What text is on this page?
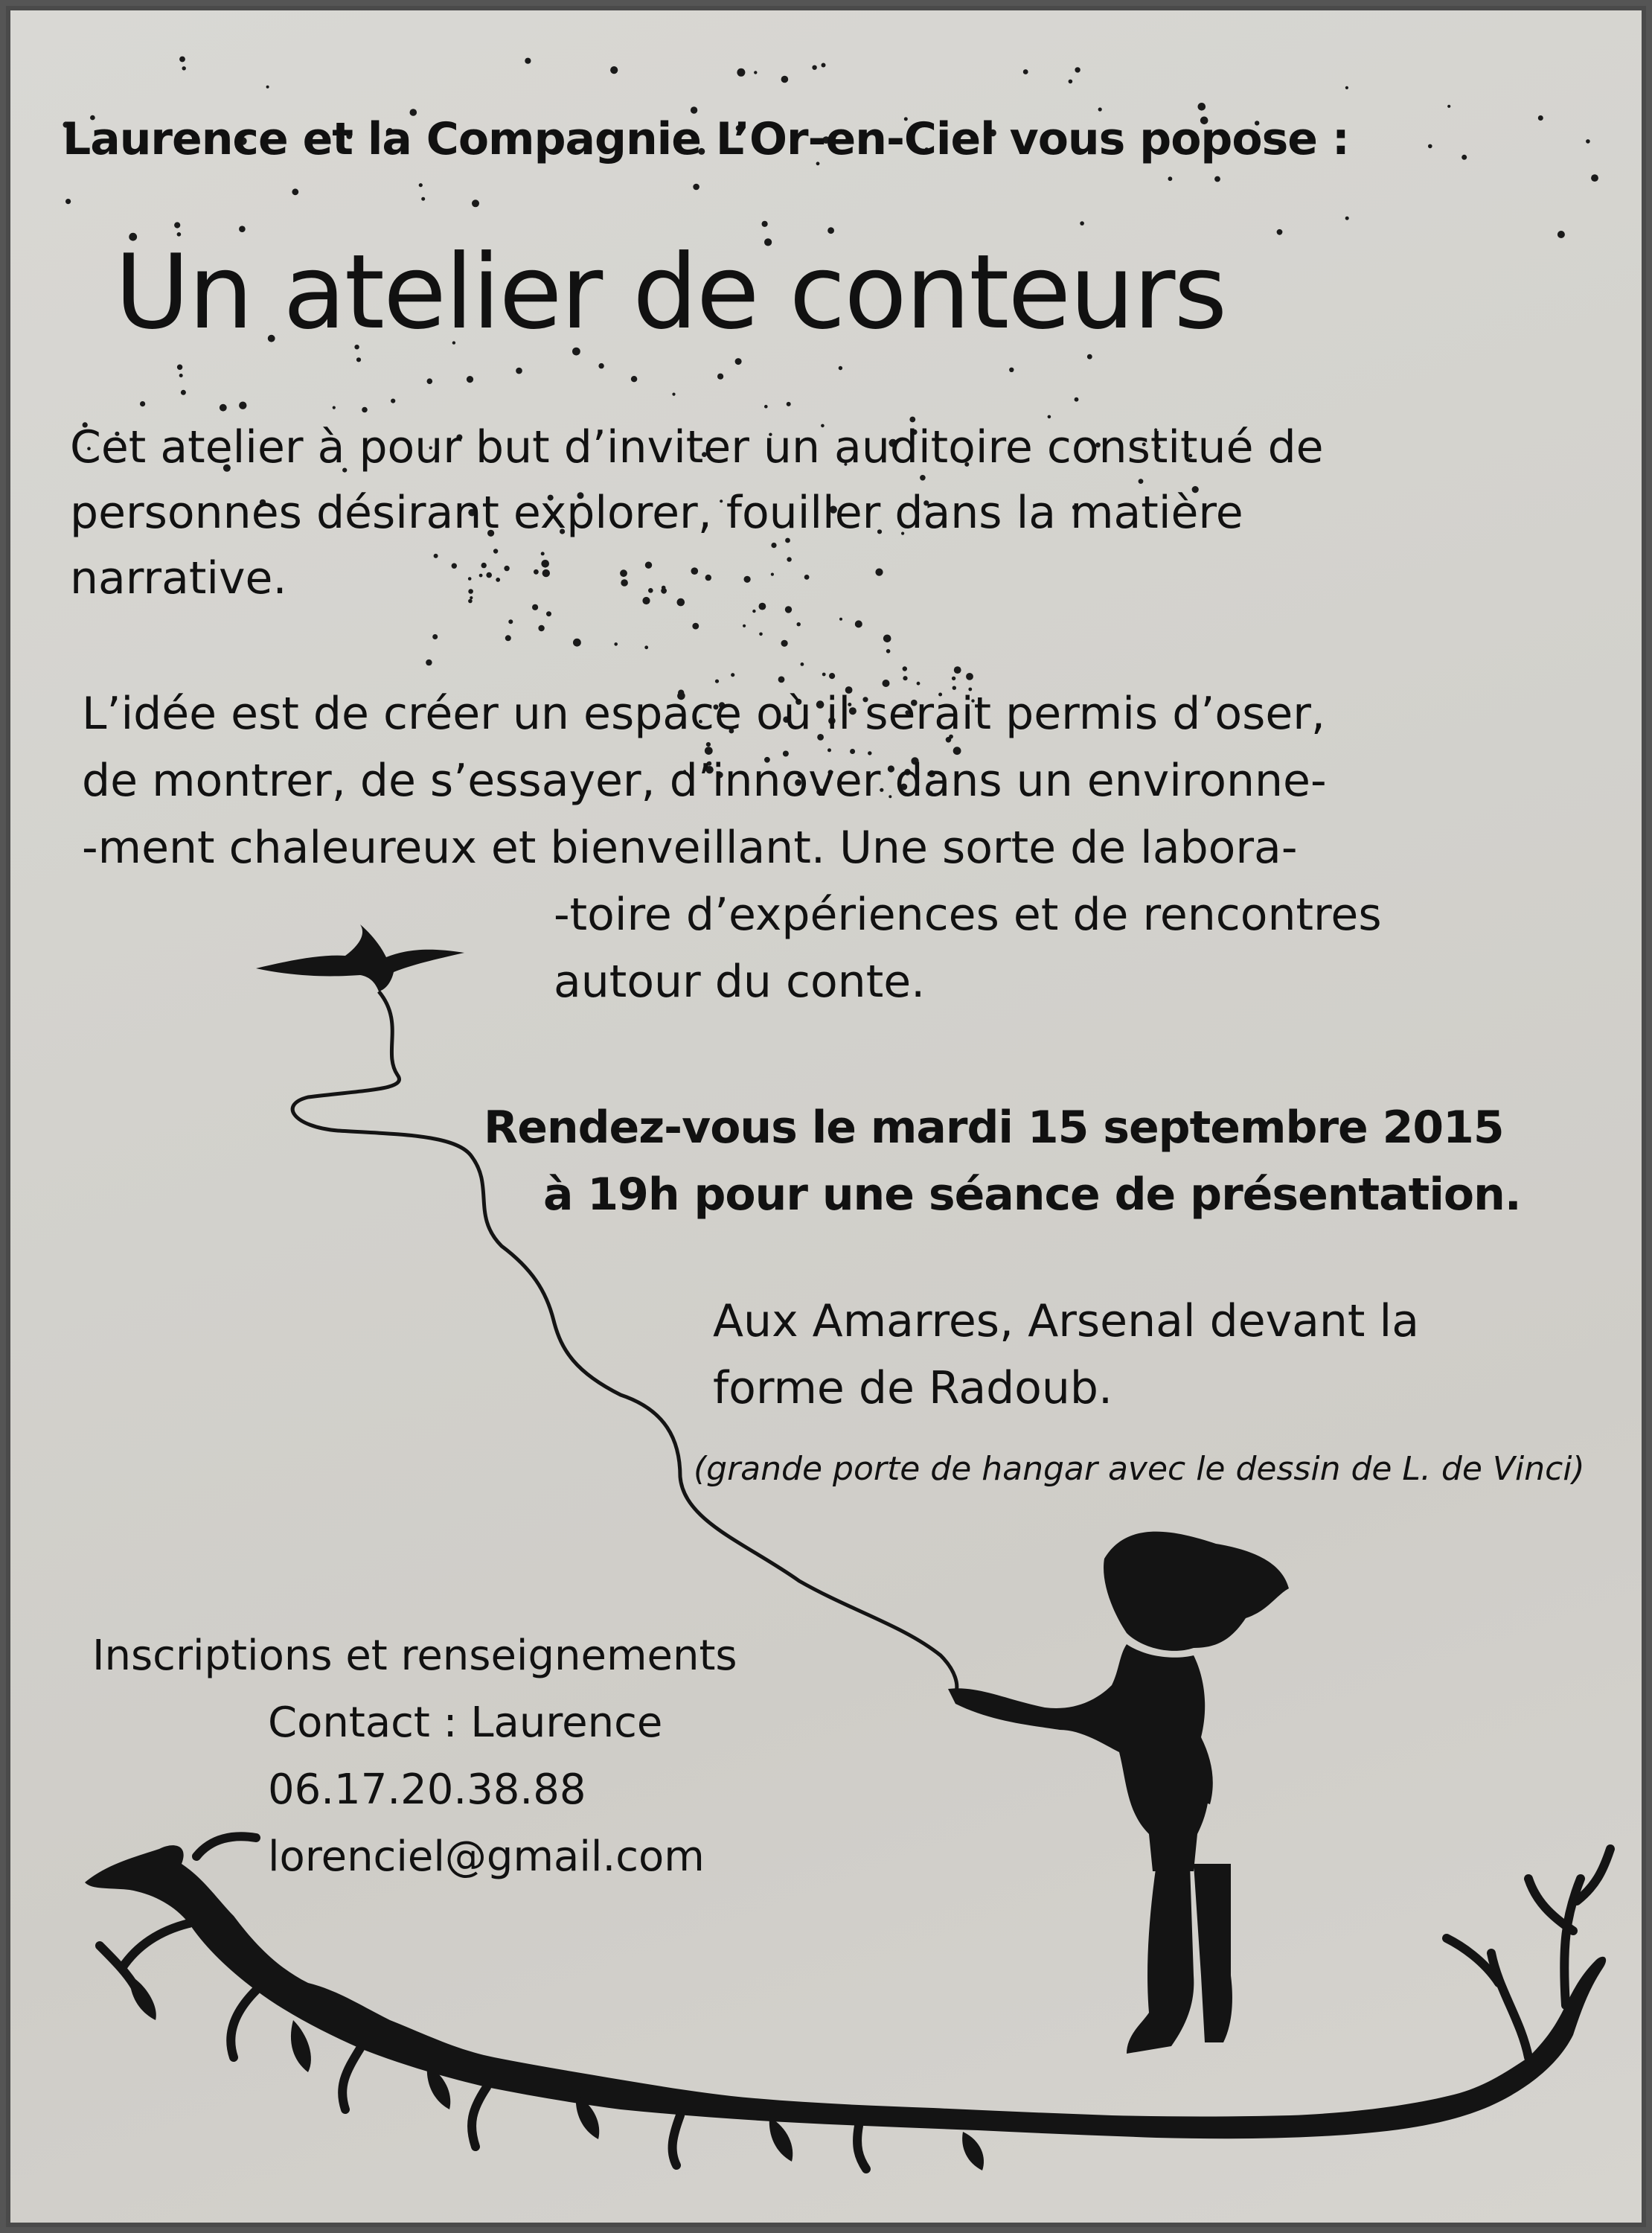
Laurence et la Compagnie L’Or-en-Ciel vous popose :

Un atelier de conteurs

Cet atelier à pour but d’inviter un auditoire constitué de

personnes désirant explorer, fouiller dans la matière

narrative.

L’idée est de créer un espace où il serait permis d’oser,

de montrer, de s’essayer, d’innover dans un environne-

-ment chaleureux et bienveillant. Une sorte de labora-

-toire d’expériences et de rencontres

autour du conte.

Rendez-vous le mardi 15 septembre 2015

à 19h pour une séance de présentation.

Aux Amarres, Arsenal devant la

forme de Radoub.

(grande porte de hangar avec le dessin de L. de Vinci)

Inscriptions et renseignements

Contact : Laurence

06.17.20.38.88

lorenciel@gmail.com
